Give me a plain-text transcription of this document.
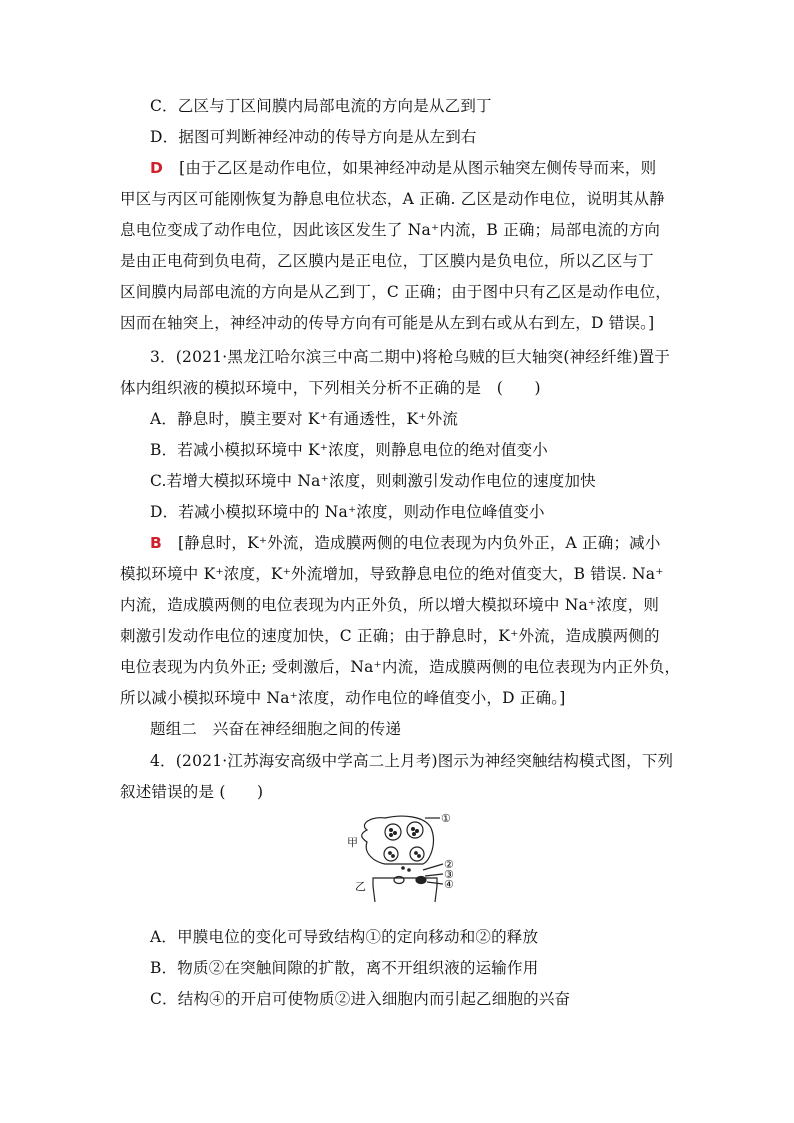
C．乙区与丁区间膜内局部电流的方向是从乙到丁
D．据图可判断神经冲动的传导方向是从左到右
D [由于乙区是动作电位，如果神经冲动是从图示轴突左侧传导而来，则
甲区与丙区可能刚恢复为静息电位状态，A 正确. 乙区是动作电位，说明其从静
息电位变成了动作电位，因此该区发生了 Na⁺内流，B 正确；局部电流的方向
是由正电荷到负电荷，乙区膜内是正电位，丁区膜内是负电位，所以乙区与丁
区间膜内局部电流的方向是从乙到丁，C 正确；由于图中只有乙区是动作电位，
因而在轴突上，神经冲动的传导方向有可能是从左到右或从右到左，D 错误。]
3．(2021·黑龙江哈尔滨三中高二期中)将枪乌贼的巨大轴突(神经纤维)置于
体内组织液的模拟环境中，下列相关分析不正确的是　(　　)
A．静息时，膜主要对 K⁺有通透性，K⁺外流
B．若减小模拟环境中 K⁺浓度，则静息电位的绝对值变小
C.若增大模拟环境中 Na⁺浓度，则刺激引发动作电位的速度加快
D．若减小模拟环境中的 Na⁺浓度，则动作电位峰值变小
B [静息时，K⁺外流，造成膜两侧的电位表现为内负外正，A 正确；减小
模拟环境中 K⁺浓度，K⁺外流增加，导致静息电位的绝对值变大，B 错误. Na⁺
内流，造成膜两侧的电位表现为内正外负，所以增大模拟环境中 Na⁺浓度，则
刺激引发动作电位的速度加快，C 正确；由于静息时，K⁺外流，造成膜两侧的
电位表现为内负外正; 受刺激后，Na⁺内流，造成膜两侧的电位表现为内正外负，
所以减小模拟环境中 Na⁺浓度，动作电位的峰值变小，D 正确。]
题组二　兴奋在神经细胞之间的传递
4．(2021·江苏海安高级中学高二上月考)图示为神经突触结构模式图，下列
叙述错误的是 (　　)
甲
乙
①
②
③
④
A．甲膜电位的变化可导致结构①的定向移动和②的释放
B．物质②在突触间隙的扩散，离不开组织液的运输作用
C．结构④的开启可使物质②进入细胞内而引起乙细胞的兴奋
